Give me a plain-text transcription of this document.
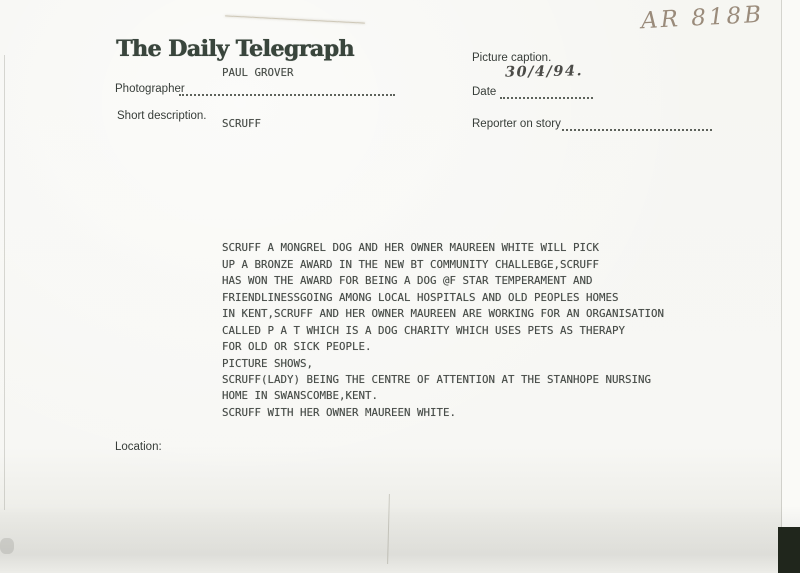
AR 818B
The Daily Telegraph
PAUL GROVER
Photographer
Short description.
SCRUFF
Picture caption.
30/4/94.
Date
Reporter on story

SCRUFF A MONGREL DOG AND HER OWNER MAUREEN WHITE WILL PICK
UP A BRONZE AWARD IN THE NEW BT COMMUNITY CHALLEBGE,SCRUFF
HAS WON THE AWARD FOR BEING A DOG @F STAR TEMPERAMENT AND
FRIENDLINESSGOING AMONG LOCAL HOSPITALS AND OLD PEOPLES HOMES
IN KENT,SCRUFF AND HER OWNER MAUREEN ARE WORKING FOR AN ORGANISATION
CALLED P A T WHICH IS A DOG CHARITY WHICH USES PETS AS THERAPY
FOR OLD OR SICK PEOPLE.
PICTURE SHOWS,
SCRUFF(LADY) BEING THE CENTRE OF ATTENTION AT THE STANHOPE NURSING
HOME IN SWANSCOMBE,KENT.
SCRUFF WITH HER OWNER MAUREEN WHITE.
Location:
